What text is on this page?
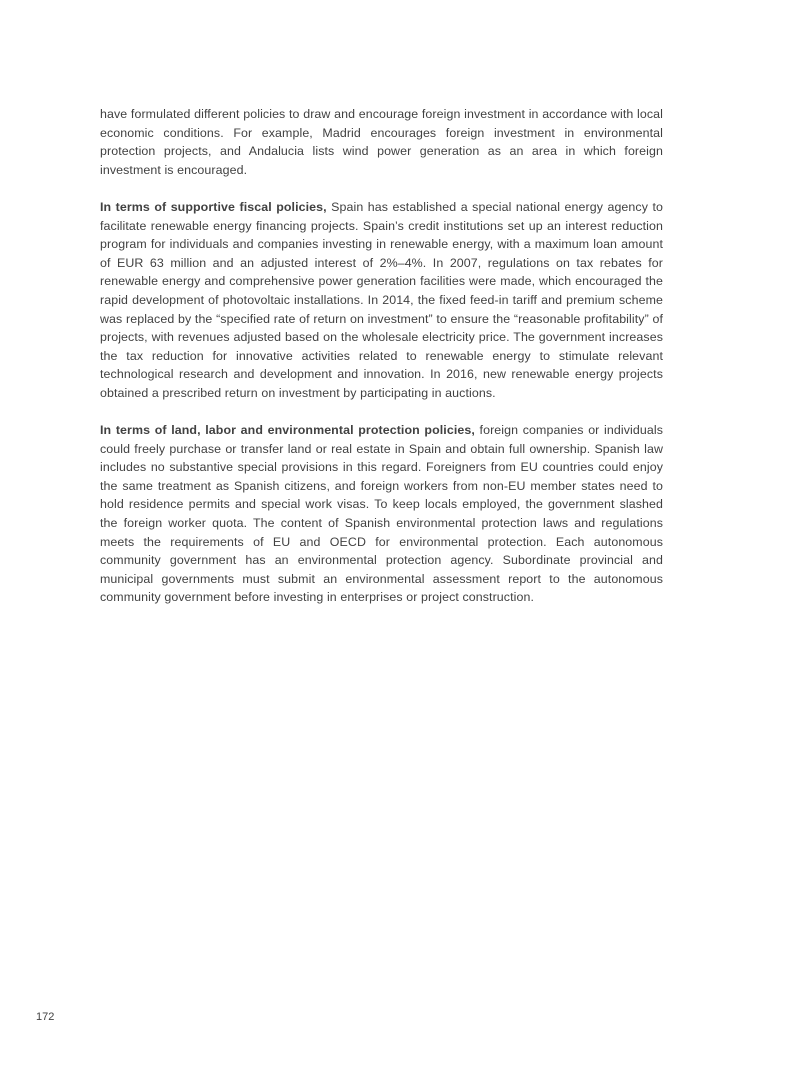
have formulated different policies to draw and encourage foreign investment in accordance with local economic conditions. For example, Madrid encourages foreign investment in environmental protection projects, and Andalucia lists wind power generation as an area in which foreign investment is encouraged.

In terms of supportive fiscal policies, Spain has established a special national energy agency to facilitate renewable energy financing projects. Spain’s credit institutions set up an interest reduction program for individuals and companies investing in renewable energy, with a maximum loan amount of EUR 63 million and an adjusted interest of 2%–4%. In 2007, regulations on tax rebates for renewable energy and comprehensive power generation facilities were made, which encouraged the rapid development of photovoltaic installations. In 2014, the fixed feed-in tariff and premium scheme was replaced by the “specified rate of return on investment” to ensure the “reasonable profitability” of projects, with revenues adjusted based on the wholesale electricity price. The government increases the tax reduction for innovative activities related to renewable energy to stimulate relevant technological research and development and innovation. In 2016, new renewable energy projects obtained a prescribed return on investment by participating in auctions.

In terms of land, labor and environmental protection policies, foreign companies or individuals could freely purchase or transfer land or real estate in Spain and obtain full ownership. Spanish law includes no substantive special provisions in this regard. Foreigners from EU countries could enjoy the same treatment as Spanish citizens, and foreign workers from non-EU member states need to hold residence permits and special work visas. To keep locals employed, the government slashed the foreign worker quota. The content of Spanish environmental protection laws and regulations meets the requirements of EU and OECD for environmental protection. Each autonomous community government has an environmental protection agency. Subordinate provincial and municipal governments must submit an environmental assessment report to the autonomous community government before investing in enterprises or project construction.

172
